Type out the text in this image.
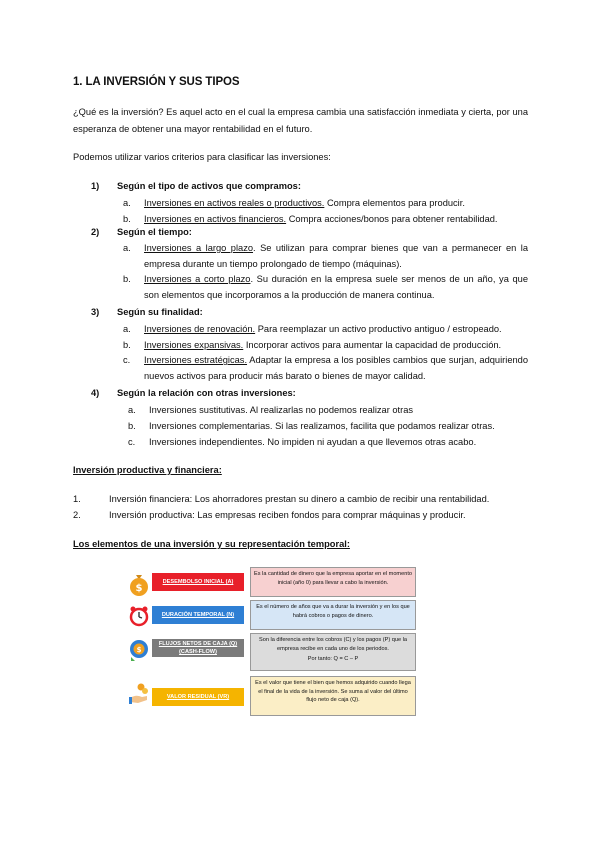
1. LA INVERSIÓN Y SUS TIPOS
¿Qué es la inversión? Es aquel acto en el cual la empresa cambia una satisfacción inmediata y cierta, por una esperanza de obtener una mayor rentabilidad en el futuro.
Podemos utilizar varios criterios para clasificar las inversiones:
1) Según el tipo de activos que compramos:
a.	Inversiones en activos reales o productivos. Compra elementos para producir.
b.	Inversiones en activos financieros. Compra acciones/bonos para obtener rentabilidad.
2) Según el tiempo:
a.	Inversiones a largo plazo. Se utilizan para comprar bienes que van a permanecer en la empresa durante un tiempo prolongado de tiempo (máquinas).
b.	Inversiones a corto plazo. Su duración en la empresa suele ser menos de un año, ya que son elementos que incorporamos a la producción de manera continua.
3) Según su finalidad:
a.	Inversiones de renovación. Para reemplazar un activo productivo antiguo / estropeado.
b.	Inversiones expansivas. Incorporar activos para aumentar la capacidad de producción.
c.	Inversiones estratégicas. Adaptar la empresa a los posibles cambios que surjan, adquiriendo nuevos activos para producir más barato o bienes de mayor calidad.
4) Según la relación con otras inversiones:
a.	Inversiones sustitutivas. Al realizarlas no podemos realizar otras
b.	Inversiones complementarias. Si las realizamos, facilita que podamos realizar otras.
c.	Inversiones independientes. No impiden ni ayudan a que llevemos otras acabo.
Inversión productiva y financiera:
1.	Inversión financiera: Los ahorradores prestan su dinero a cambio de recibir una rentabilidad.
2.	Inversión productiva: Las empresas reciben fondos para comprar máquinas y producir.
Los elementos de una inversión y su representación temporal:
$
DESEMBOLSO INICIAL (A)
Es la cantidad de dinero que la empresa aportar en el momento inicial (año 0) para llevar a cabo la inversión.
DURACIÓN TEMPORAL (N)
Es el número de años que va a durar la inversión y en los que habrá cobros o pagos de dinero.
$
FLUJOS NETOS DE CAJA (Q) (CASH-FLOW)
Son la diferencia entre los cobros (C) y los pagos (P) que la empresa recibe en cada uno de los periodos.
Por tanto: Q = C – P
VALOR RESIDUAL (VR)
Es el valor que tiene el bien que hemos adquirido cuando llega el final de la vida de la inversión. Se suma al valor del último flujo neto de caja (Q).
